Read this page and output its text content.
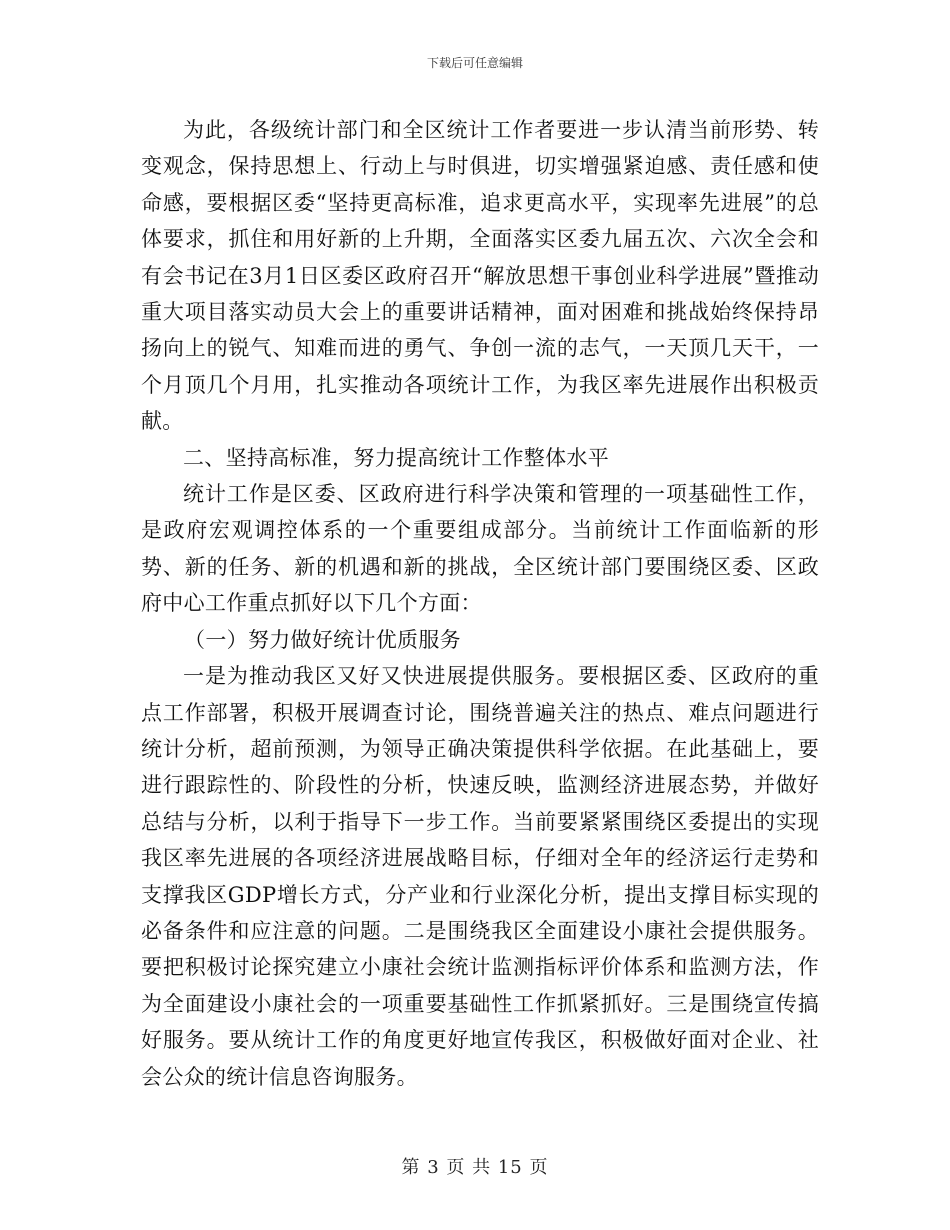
下载后可任意编辑

为此，各级统计部门和全区统计工作者要进一步认清当前形势、转变观念，保持思想上、行动上与时俱进，切实增强紧迫感、责任感和使命感，要根据区委“坚持更高标准，追求更高水平，实现率先进展”的总体要求，抓住和用好新的上升期，全面落实区委九届五次、六次全会和有会书记在3月1日区委区政府召开“解放思想干事创业科学进展”暨推动重大项目落实动员大会上的重要讲话精神，面对困难和挑战始终保持昂扬向上的锐气、知难而进的勇气、争创一流的志气，一天顶几天干，一个月顶几个月用，扎实推动各项统计工作，为我区率先进展作出积极贡献。

二、坚持高标准，努力提高统计工作整体水平

统计工作是区委、区政府进行科学决策和管理的一项基础性工作，是政府宏观调控体系的一个重要组成部分。当前统计工作面临新的形势、新的任务、新的机遇和新的挑战，全区统计部门要围绕区委、区政府中心工作重点抓好以下几个方面：

（一）努力做好统计优质服务

一是为推动我区又好又快进展提供服务。要根据区委、区政府的重点工作部署，积极开展调查讨论，围绕普遍关注的热点、难点问题进行统计分析，超前预测，为领导正确决策提供科学依据。在此基础上，要进行跟踪性的、阶段性的分析，快速反映，监测经济进展态势，并做好总结与分析，以利于指导下一步工作。当前要紧紧围绕区委提出的实现我区率先进展的各项经济进展战略目标，仔细对全年的经济运行走势和支撑我区GDP增长方式，分产业和行业深化分析，提出支撑目标实现的必备条件和应注意的问题。二是围绕我区全面建设小康社会提供服务。要把积极讨论探究建立小康社会统计监测指标评价体系和监测方法，作为全面建设小康社会的一项重要基础性工作抓紧抓好。三是围绕宣传搞好服务。要从统计工作的角度更好地宣传我区，积极做好面对企业、社会公众的统计信息咨询服务。

第 3 页 共 15 页
